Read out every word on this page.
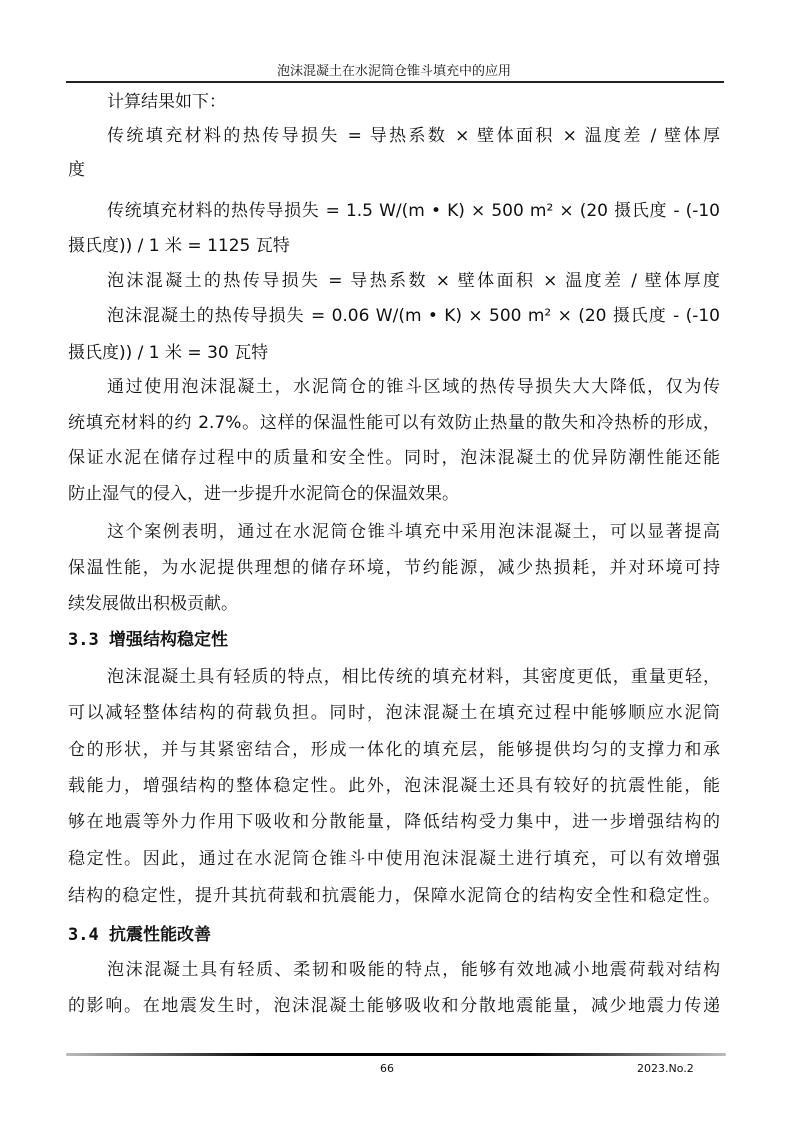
泡沫混凝土在水泥筒仓锥斗填充中的应用
计算结果如下：
传统填充材料的热传导损失 = 导热系数 × 壁体面积 × 温度差 / 壁体厚
度
传统填充材料的热传导损失 = 1.5 W/(m • K) × 500 m² × (20 摄氏度 - (-10
摄氏度)) / 1 米 = 1125 瓦特
泡沫混凝土的热传导损失 = 导热系数 × 壁体面积 × 温度差 / 壁体厚度
泡沫混凝土的热传导损失 = 0.06 W/(m • K) × 500 m² × (20 摄氏度 - (-10
摄氏度)) / 1 米 = 30 瓦特
通过使用泡沫混凝土，水泥筒仓的锥斗区域的热传导损失大大降低，仅为传
统填充材料的约 2.7%。这样的保温性能可以有效防止热量的散失和冷热桥的形成，
保证水泥在储存过程中的质量和安全性。同时，泡沫混凝土的优异防潮性能还能
防止湿气的侵入，进一步提升水泥筒仓的保温效果。
这个案例表明，通过在水泥筒仓锥斗填充中采用泡沫混凝土，可以显著提高
保温性能，为水泥提供理想的储存环境，节约能源，减少热损耗，并对环境可持
续发展做出积极贡献。
3.3 增强结构稳定性
泡沫混凝土具有轻质的特点，相比传统的填充材料，其密度更低，重量更轻，
可以减轻整体结构的荷载负担。同时，泡沫混凝土在填充过程中能够顺应水泥筒
仓的形状，并与其紧密结合，形成一体化的填充层，能够提供均匀的支撑力和承
载能力，增强结构的整体稳定性。此外，泡沫混凝土还具有较好的抗震性能，能
够在地震等外力作用下吸收和分散能量，降低结构受力集中，进一步增强结构的
稳定性。因此，通过在水泥筒仓锥斗中使用泡沫混凝土进行填充，可以有效增强
结构的稳定性，提升其抗荷载和抗震能力，保障水泥筒仓的结构安全性和稳定性。
3.4 抗震性能改善
泡沫混凝土具有轻质、柔韧和吸能的特点，能够有效地减小地震荷载对结构
的影响。在地震发生时，泡沫混凝土能够吸收和分散地震能量，减少地震力传递
66	2023.No.2
